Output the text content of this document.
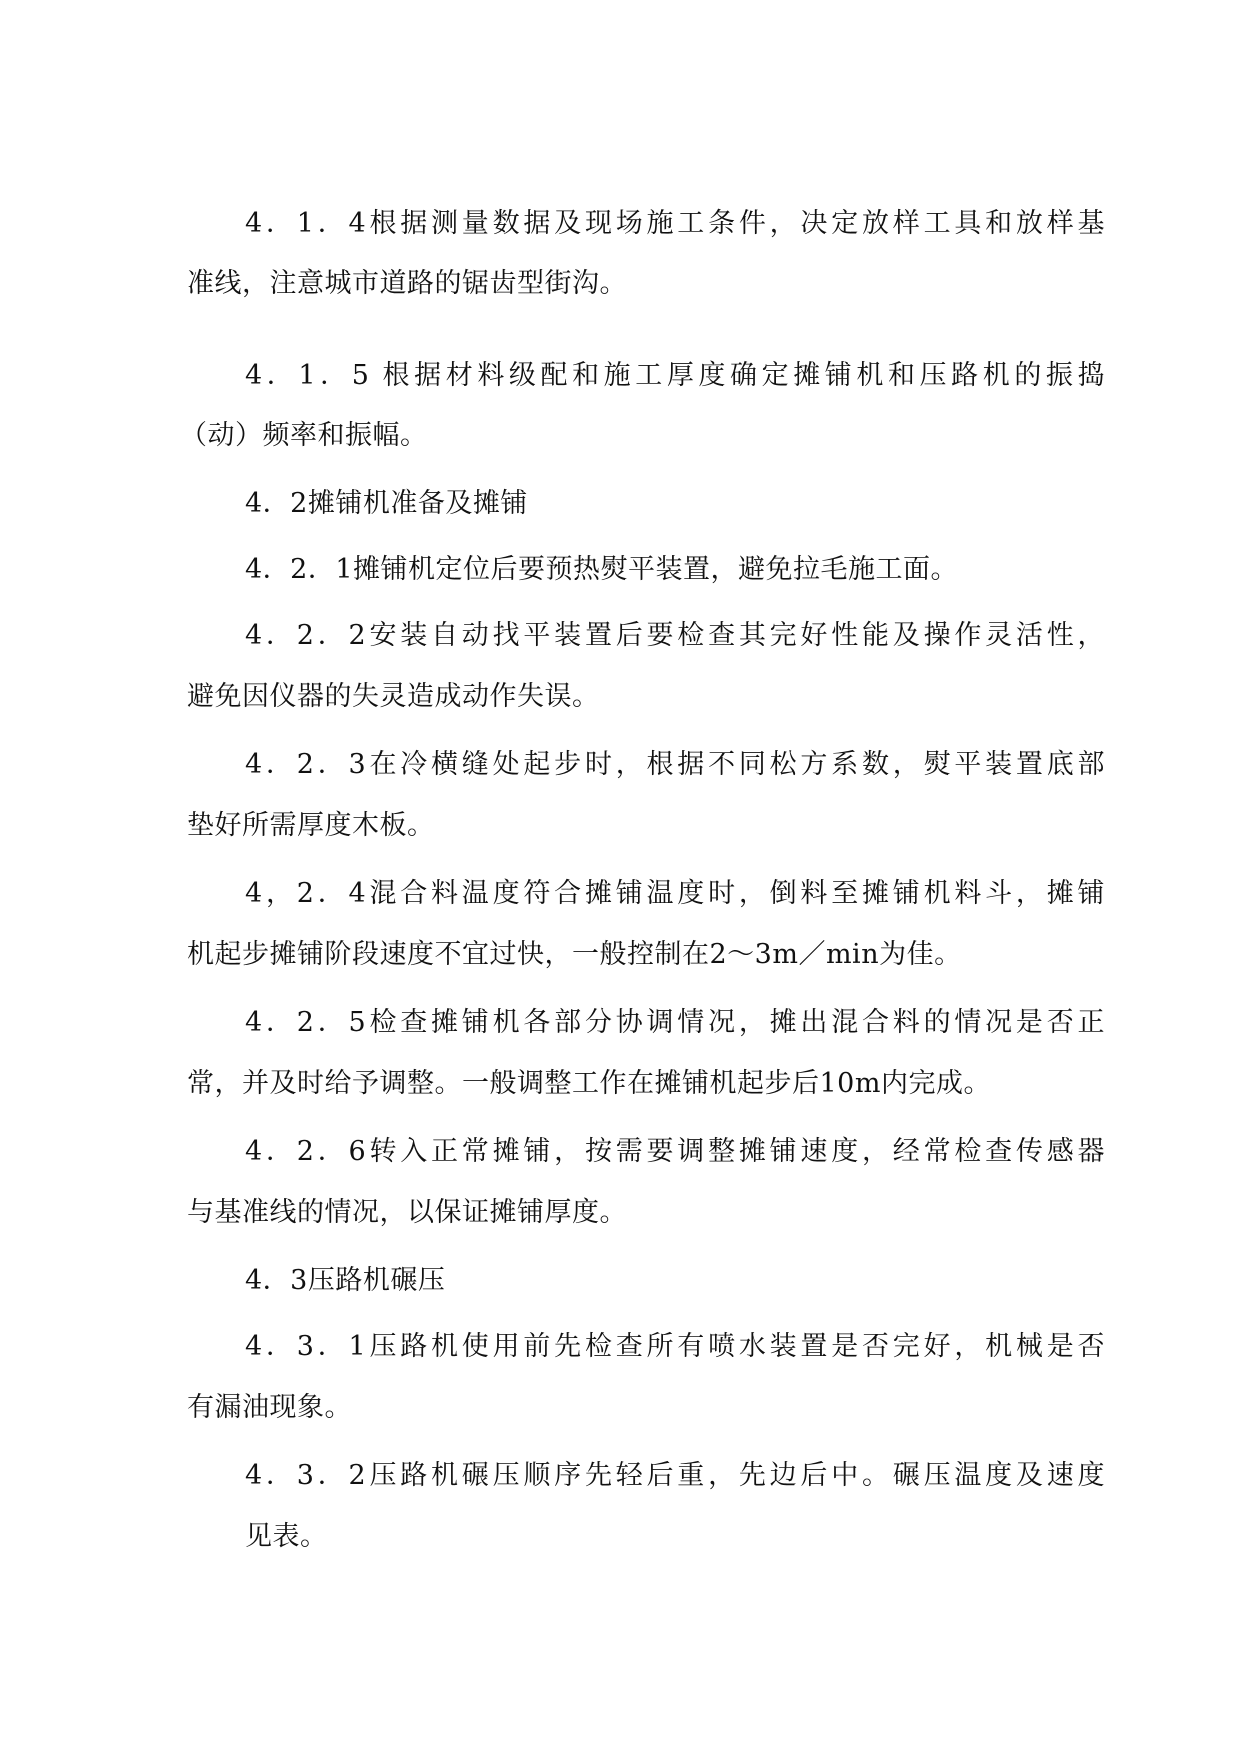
4．1．4根据测量数据及现场施工条件，决定放样工具和放样基
准线，注意城市道路的锯齿型街沟。
4．1．5 根据材料级配和施工厚度确定摊铺机和压路机的振捣
（动）频率和振幅。
4．2摊铺机准备及摊铺
4．2．1摊铺机定位后要预热熨平装置，避免拉毛施工面。
4．2．2安装自动找平装置后要检查其完好性能及操作灵活性，
避免因仪器的失灵造成动作失误。
4．2．3在冷横缝处起步时，根据不同松方系数，熨平装置底部
垫好所需厚度木板。
4，2．4混合料温度符合摊铺温度时，倒料至摊铺机料斗，摊铺
机起步摊铺阶段速度不宜过快，一般控制在2～3m／min为佳。
4．2．5检查摊铺机各部分协调情况，摊出混合料的情况是否正
常，并及时给予调整。一般调整工作在摊铺机起步后10m内完成。
4．2．6转入正常摊铺，按需要调整摊铺速度，经常检查传感器
与基准线的情况，以保证摊铺厚度。
4．3压路机碾压
4．3．1压路机使用前先检查所有喷水装置是否完好，机械是否
有漏油现象。
4．3．2压路机碾压顺序先轻后重，先边后中。碾压温度及速度
见表。
